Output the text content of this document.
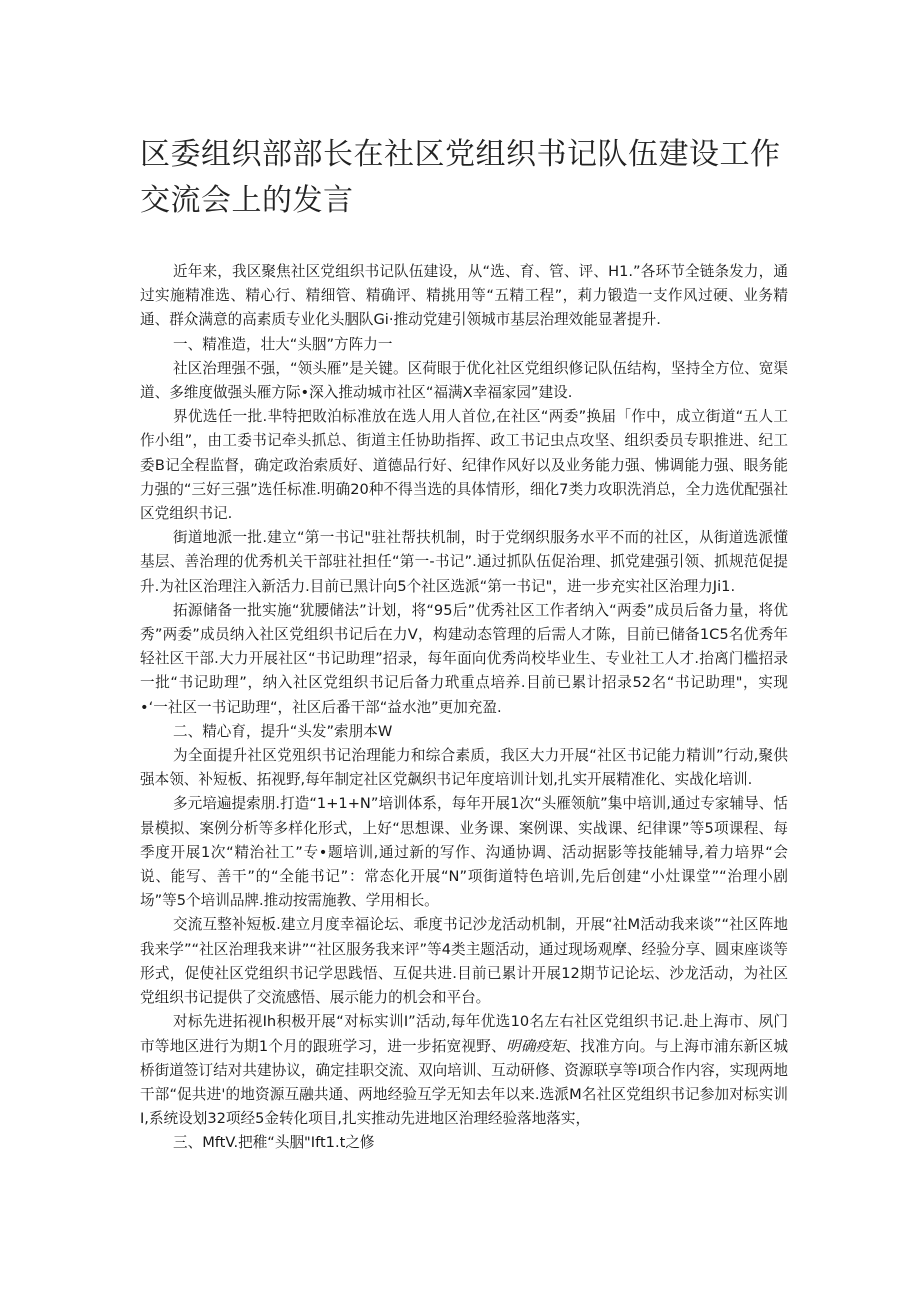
区委组织部部长在社区党组织书记队伍建设工作交流会上的发言

近年来，我区聚焦社区党组织书记队伍建设，从“选、育、管、评、H1.”各环节全链条发力，通过实施精准选、精心行、精细管、精确评、精挑用等“五精工程”，莉力锻造一支作风过硬、业务精通、群众满意的高素质专业化头胭队Gi·推动党建引领城市基层治理效能显著提升.

一、精准造，壮大“头胭”方阵力一

社区治理强不强，“领头雁”是关键。区荷眼于优化社区党组织修记队伍结构，坚持全方位、宽渠道、多维度做强头雁方际•深入推动城市社区“福满X幸福家园”建设.

界优选任一批.芈特把敗泊标准放在选人用人首位,在社区“两委”换届「作中，成立街道“五人工作小组”，由工委书记牵头抓总、街道主任协助指挥、政工书记虫点攻坚、组织委员专职推进、纪工委B记全程监督，确定政治索质好、道德品行好、纪律作风好以及业务能力强、怫调能力强、眼务能力强的“三好三强”选任标准.明确20种不得当选的具体情形，细化7类力攻职洗消总，全力选优配强社区党组织书记.

街道地派一批.建立“第一书记"驻社帮扶机制，时于党纲织服务水平不而的社区，从街道选派懂基层、善治理的优秀机关干部驻社担任“第一-书记”.通过抓队伍促治理、抓党建强引领、抓规范促提升.为社区治理注入新活力.目前已黑计向5个社区选派“第一书记"，进一步充实社区治理力Ji1.

拓源储备一批实施“犹腰储法”计划，将“95后”优秀社区工作者纳入“两委”成员后备力量，将优秀”两委”成员纳入社区党组织书记后在力V，构建动态管理的后需人才陈，目前已储备1C5名优秀年轻社区干部.大力开展社区“书记助理”招录，每年面向优秀尚校毕业生、专业社工人才.抬离门槛招录一批“书记助理”，纳入社区党组织书记后备力玳重点培养.目前已累计招录52名“书记助理"，实现•‘一社区一书记助理“，社区后番干部“益水池”更加充盈.

二、精心育，提升“头发”索朋本W

为全面提升社区党殂织书记治理能力和综合素质，我区大力开展“社区书记能力精训”行动,聚供强本领、补短板、拓视野,每年制定社区党飙织书记年度培训计划,扎实开展精准化、实战化培训.

多元培遍提索朋.打造“1+1+N”培训体系，每年开展1次“头雁领航”集中培训,通过专家辅导、恬景模拟、案例分析等多样化形式，上好“思想课、业务课、案例课、实战课、纪律课”等5项课程、每季度开展1次“精治社工”专•题培训,通过新的写作、沟通协调、活动据影等技能辅导,着力培界“会说、能写、善干”的“全能书记”：常态化开展“N”项街道特色培训,先后创建“小灶课堂”“治理小剧场”等5个培训品牌.推动按需施教、学用相长。

交流互整补短板.建立月度幸福论坛、乖度书记沙龙活动机制，开展“社M活动我来谈”“社区阵地我来学”“社区治理我来讲”“社区服务我来评”等4类主题活动，通过现场观摩、经验分享、圆束座谈等形式，促使社区党组织书记学思践悟、互促共进.目前已累计开展12期节记论坛、沙龙活动，为社区党组织书记提供了交流感悟、展示能力的机会和平台。

对标先进拓视Ih积极开展“对标实训I”活动,每年优选10名左右社区党组织书记.赴上海市、夙门市等地区进行为期1个月的跟班学习，进一步拓宽视野、明确疫矩、找准方向。与上海市浦东新区城桥街道签订结对共建协议，确定挂职交流、双向培训、互动研修、资源联享等I项合作内容，实现两地干部“促共进'的地资源互融共通、两地经验互学无知去年以来.选派M名社区党组织书记参加对标实训I,系统设划32项经5金转化项目,扎实推动先进地区治理经验落地落实，

三、MftV.把稚“头胭"Ift1.t之修
